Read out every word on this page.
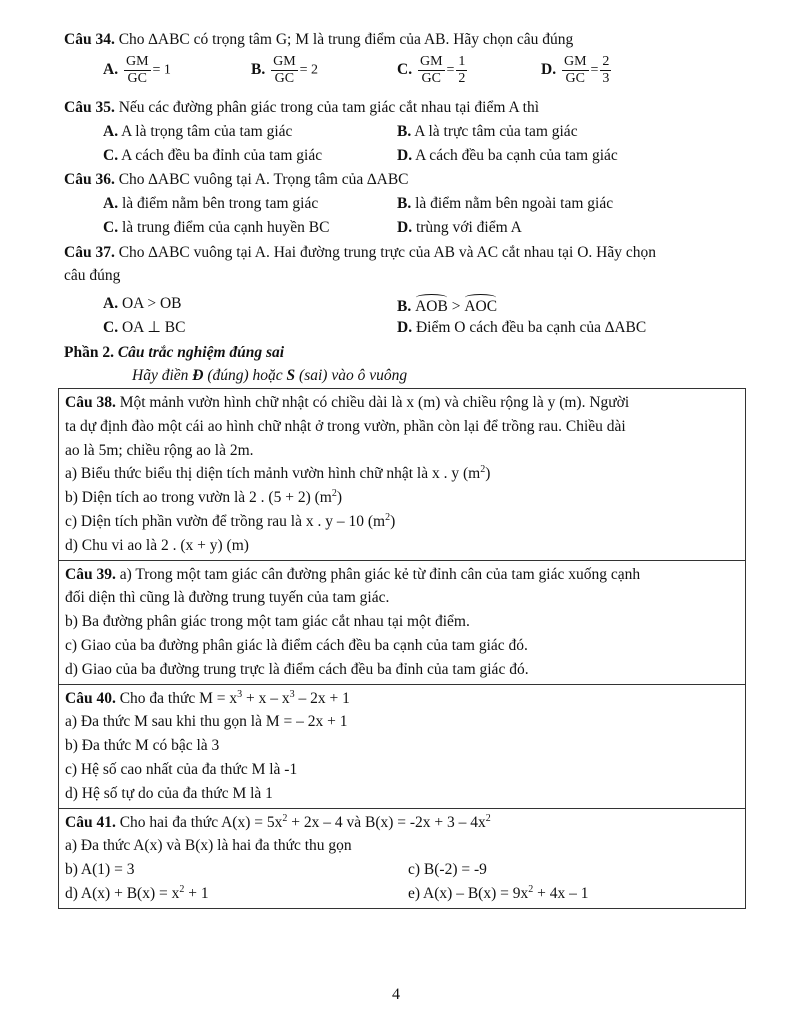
Câu 34. Cho ∆ABC có trọng tâm G; M là trung điểm của AB. Hãy chọn câu đúng
A. $\frac{GM}{GC} = 1$	B. $\frac{GM}{GC} = 2$	C. $\frac{GM}{GC} = \frac{1}{2}$	D. $\frac{GM}{GC} = \frac{2}{3}$
Câu 35. Nếu các đường phân giác trong của tam giác cắt nhau tại điểm A thì
A. A là trọng tâm của tam giác	B. A là trực tâm của tam giác
C. A cách đều ba đỉnh của tam giác	D. A cách đều ba cạnh của tam giác
Câu 36. Cho ∆ABC vuông tại A. Trọng tâm của ∆ABC
A. là điểm nằm bên trong tam giác	B. là điểm nằm bên ngoài tam giác
C. là trung điểm của cạnh huyền BC	D. trùng với điểm A
Câu 37. Cho ∆ABC vuông tại A. Hai đường trung trực của AB và AC cắt nhau tại O. Hãy chọn
câu đúng
A. OA > OB	B. AOB > AOC
C. OA ⊥ BC	D. Điểm O cách đều ba cạnh của ∆ABC
Phần 2. Câu trắc nghiệm đúng sai
Hãy điền Đ (đúng) hoặc S (sai) vào ô vuông
Câu 38. Một mảnh vườn hình chữ nhật có chiều dài là x (m) và chiều rộng là y (m). Người
ta dự định đào một cái ao hình chữ nhật ở trong vườn, phần còn lại để trồng rau. Chiều dài
ao là 5m; chiều rộng ao là 2m.
a) Biểu thức biểu thị diện tích mảnh vườn hình chữ nhật là x . y $(m^2)$
b) Diện tích ao trong vườn là 2 . (5 + 2) $(m^2)$
c) Diện tích phần vườn để trồng rau là x . y – 10 $(m^2)$
d) Chu vi ao là 2 . (x + y) (m)

Câu 39. a) Trong một tam giác cân đường phân giác kẻ từ đỉnh cân của tam giác xuống cạnh
đối diện thì cũng là đường trung tuyến của tam giác.
b) Ba đường phân giác trong một tam giác cắt nhau tại một điểm.
c) Giao của ba đường phân giác là điểm cách đều ba cạnh của tam giác đó.
d) Giao của ba đường trung trực là điểm cách đều ba đỉnh của tam giác đó.

Câu 40. Cho đa thức $M = x^3 + x - x^3 - 2x + 1$
a) Đa thức M sau khi thu gọn là M = – 2x + 1
b) Đa thức M có bậc là 3
c) Hệ số cao nhất của đa thức M là -1
d) Hệ số tự do của đa thức M là 1

Câu 41. Cho hai đa thức $A(x) = 5x^2 + 2x - 4$ và $B(x) = -2x + 3 - 4x^2$
a) Đa thức A(x) và B(x) là hai đa thức thu gọn
b) A(1) = 3	c) B(-2) = -9
d) $A(x) + B(x) = x^2 + 1$	e) $A(x) - B(x) = 9x^2 + 4x - 1$
4
